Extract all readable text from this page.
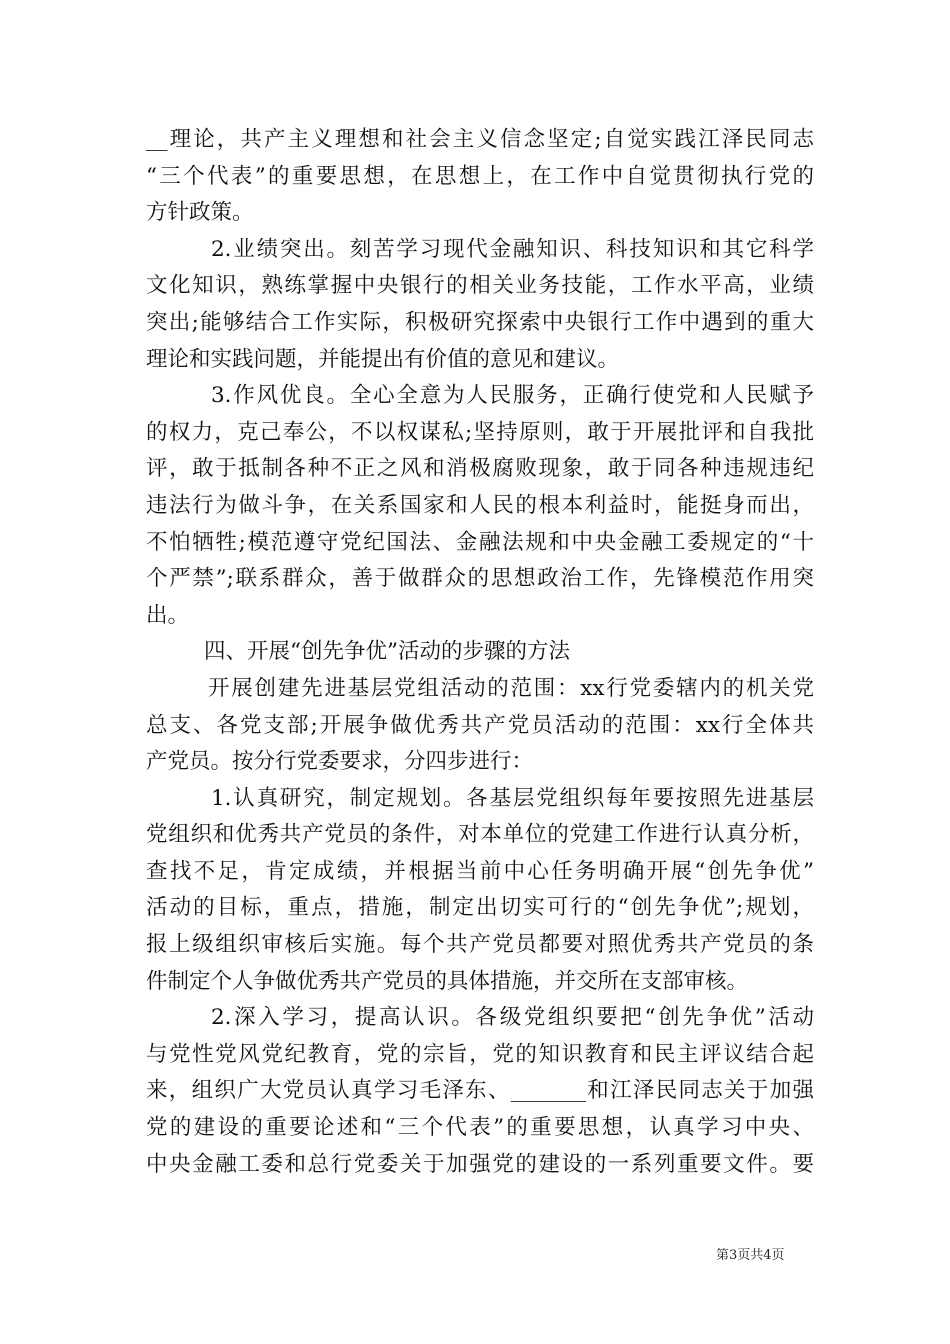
__理论，共产主义理想和社会主义信念坚定;自觉实践江泽民同志
“三个代表”的重要思想，在思想上，在工作中自觉贯彻执行党的
方针政策。
2.业绩突出。刻苦学习现代金融知识、科技知识和其它科学
文化知识，熟练掌握中央银行的相关业务技能，工作水平高，业绩
突出;能够结合工作实际，积极研究探索中央银行工作中遇到的重大
理论和实践问题，并能提出有价值的意见和建议。
3.作风优良。全心全意为人民服务，正确行使党和人民赋予
的权力，克己奉公，不以权谋私;坚持原则，敢于开展批评和自我批
评，敢于抵制各种不正之风和消极腐败现象，敢于同各种违规违纪
违法行为做斗争，在关系国家和人民的根本利益时，能挺身而出，
不怕牺牲;模范遵守党纪国法、金融法规和中央金融工委规定的“十
个严禁”;联系群众，善于做群众的思想政治工作，先锋模范作用突
出。
四、开展“创先争优”活动的步骤的方法
开展创建先进基层党组活动的范围：xx行党委辖内的机关党
总支、各党支部;开展争做优秀共产党员活动的范围：xx行全体共
产党员。按分行党委要求，分四步进行：
1.认真研究，制定规划。各基层党组织每年要按照先进基层
党组织和优秀共产党员的条件，对本单位的党建工作进行认真分析，
查找不足，肯定成绩，并根据当前中心任务明确开展“创先争优”
活动的目标，重点，措施，制定出切实可行的“创先争优”;规划，
报上级组织审核后实施。每个共产党员都要对照优秀共产党员的条
件制定个人争做优秀共产党员的具体措施，并交所在支部审核。
2.深入学习，提高认识。各级党组织要把“创先争优”活动
与党性党风党纪教育，党的宗旨，党的知识教育和民主评议结合起
来，组织广大党员认真学习毛泽东、_______和江泽民同志关于加强
党的建设的重要论述和“三个代表”的重要思想，认真学习中央、
中央金融工委和总行党委关于加强党的建设的一系列重要文件。要
第3页共4页
